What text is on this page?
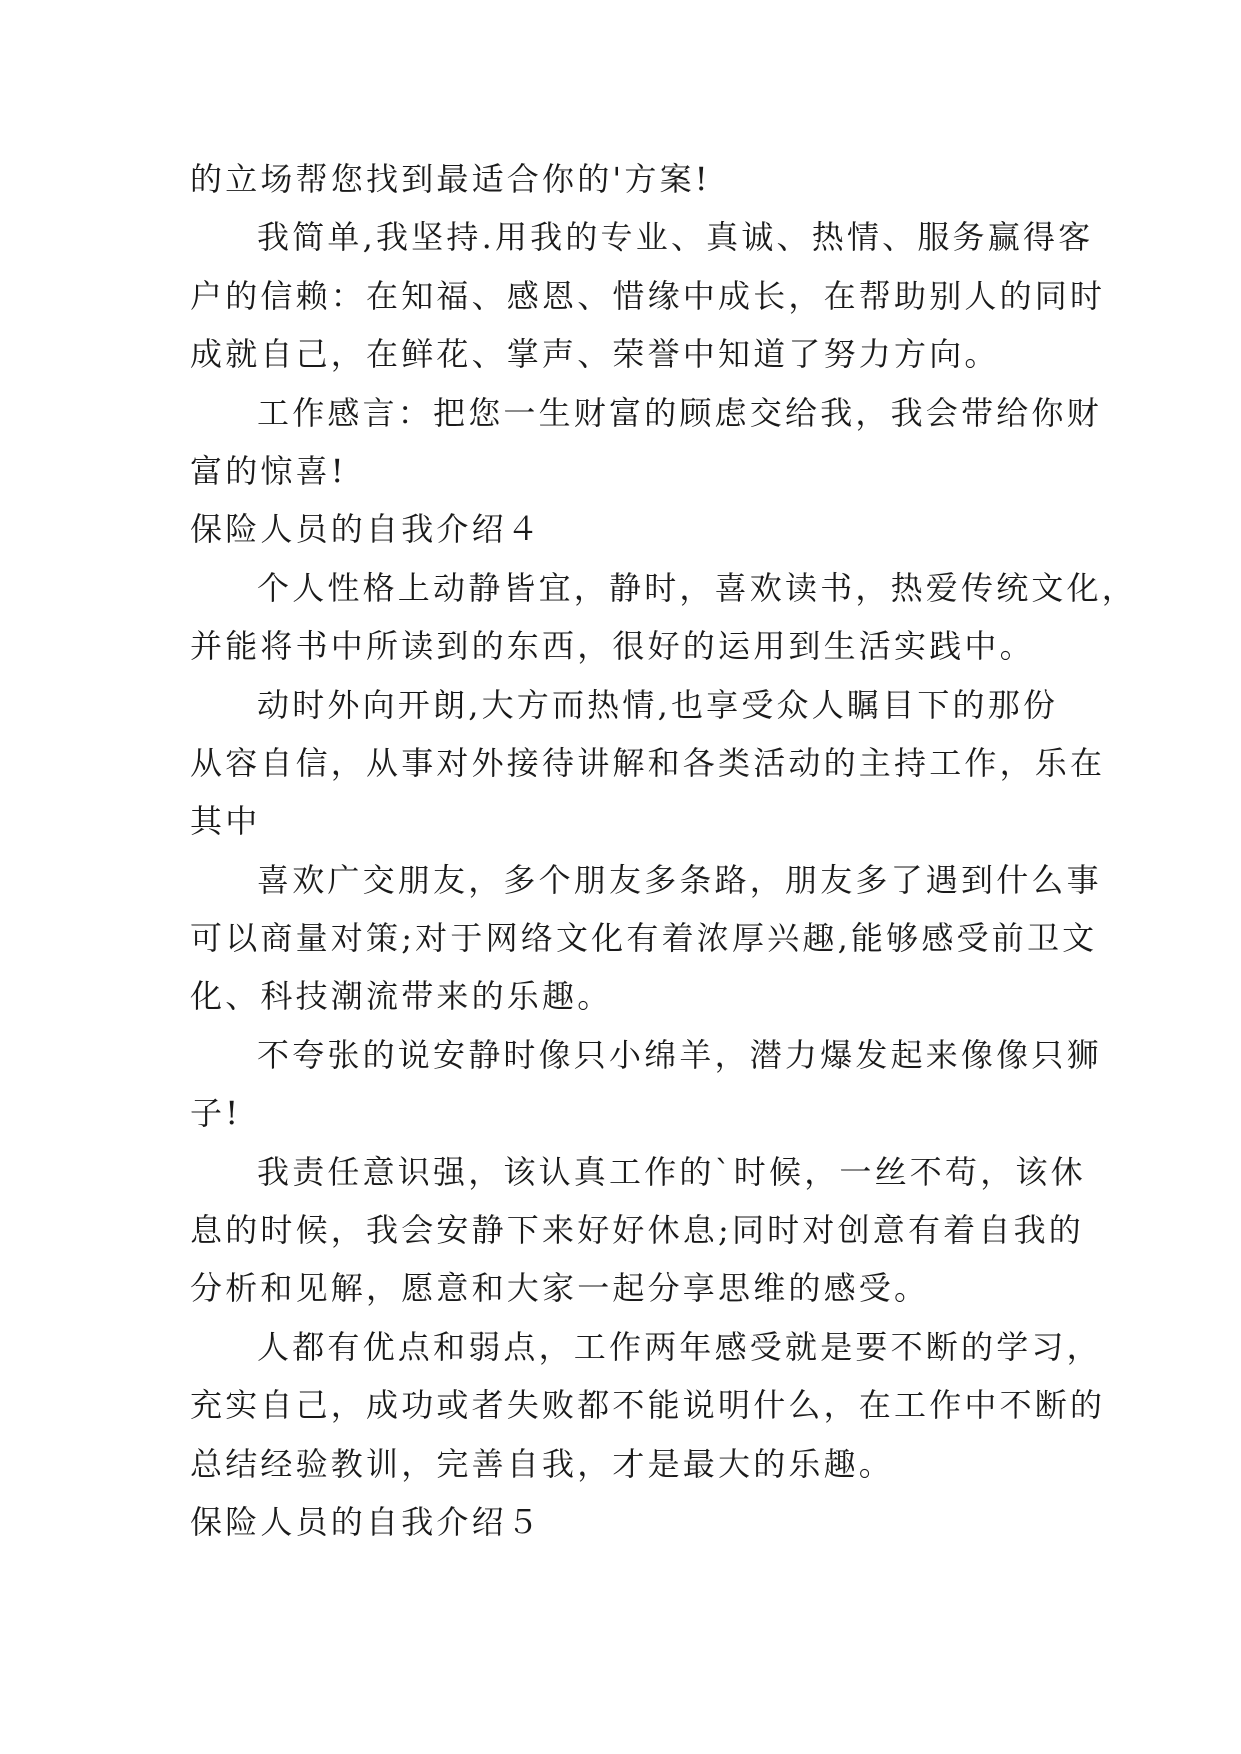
的立场帮您找到最适合你的'方案!
我简单,我坚持.用我的专业、真诚、热情、服务赢得客
户的信赖：在知福、感恩、惜缘中成长，在帮助别人的同时
成就自己，在鲜花、掌声、荣誉中知道了努力方向。
工作感言：把您一生财富的顾虑交给我，我会带给你财
富的惊喜!
保险人员的自我介绍４
个人性格上动静皆宜，静时，喜欢读书，热爱传统文化，
并能将书中所读到的东西，很好的运用到生活实践中。
动时外向开朗,大方而热情,也享受众人瞩目下的那份
从容自信，从事对外接待讲解和各类活动的主持工作，乐在
其中
喜欢广交朋友，多个朋友多条路，朋友多了遇到什么事
可以商量对策;对于网络文化有着浓厚兴趣,能够感受前卫文
化、科技潮流带来的乐趣。
不夸张的说安静时像只小绵羊，潜力爆发起来像像只狮
子!
我责任意识强，该认真工作的`时候，一丝不苟，该休
息的时候，我会安静下来好好休息;同时对创意有着自我的
分析和见解，愿意和大家一起分享思维的感受。
人都有优点和弱点，工作两年感受就是要不断的学习，
充实自己，成功或者失败都不能说明什么，在工作中不断的
总结经验教训，完善自我，才是最大的乐趣。
保险人员的自我介绍５
